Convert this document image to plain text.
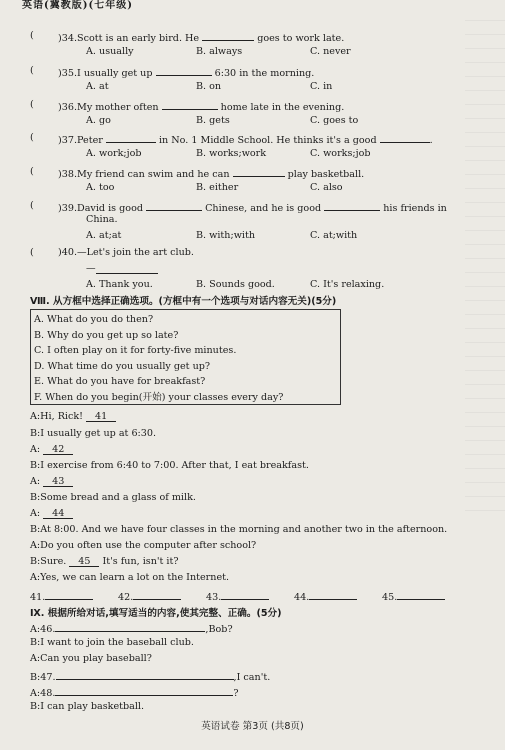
英语(冀教版)(七年级)
(	)34.Scott is an early bird. He	goes to work late.
A. usually	B. always	C. never
(	)35.I usually get up	6:30 in the morning.
A. at	B. on	C. in
(	)36.My mother often	home late in the evening.
A. go	B. gets	C. goes to
(	)37.Peter	in No. 1 Middle School. He thinks it's a good	.
A. work;job	B. works;work	C. works;job
(	)38.My friend can swim and he can	play basketball.
A. too	B. either	C. also
(	)39.David is good	Chinese, and he is good	his friends in
China.
A. at;at	B. with;with	C. at;with
(	)40.—Let's join the art club.
—
A. Thank you.	B. Sounds good.	C. It's relaxing.
Ⅷ. 从方框中选择正确选项。(方框中有一个选项与对话内容无关)(5分)
A. What do you do then?
B. Why do you get up so late?
C. I often play on it for forty-five minutes.
D. What time do you usually get up?
E. What do you have for breakfast?
F. When do you begin(开始) your classes every day?
A:Hi, Rick! 41
B:I usually get up at 6:30.
A: 42
B:I exercise from 6:40 to 7:00. After that, I eat breakfast.
A: 43
B:Some bread and a glass of milk.
A: 44
B:At 8:00. And we have four classes in the morning and another two in the afternoon.
A:Do you often use the computer after school?
B:Sure. 45 It's fun, isn't it?
A:Yes, we can learn a lot on the Internet.
41.	42.	43.	44.	45.
Ⅸ. 根据所给对话,填写适当的内容,使其完整、正确。(5分)
A:46.	,Bob?
B:I want to join the baseball club.
A:Can you play baseball?
B:47.	,I can't.
A:48.	?
B:I can play basketball.
英语试卷 第3页 (共8页)
